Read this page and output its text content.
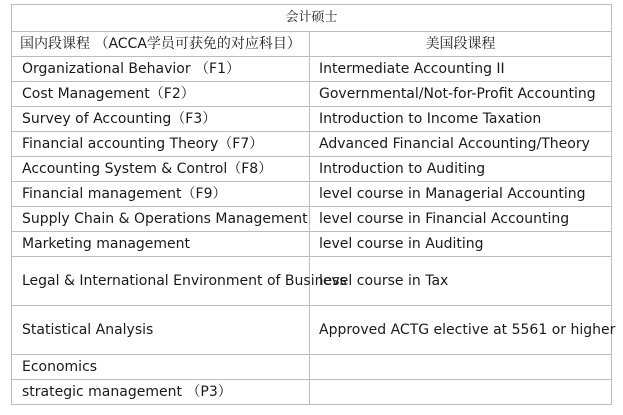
会计硕士	
国内段课程 （ACCA学员可获免的对应科目）	美国段课程
Organizational Behavior （F1）	Intermediate Accounting II
Cost Management（F2）	Governmental/Not-for-Profit Accounting
Survey of Accounting（F3）	Introduction to Income Taxation
Financial accounting Theory（F7）	Advanced Financial Accounting/Theory
Accounting System & Control（F8）	Introduction to Auditing
Financial management（F9）	level course in Managerial Accounting
Supply Chain & Operations Management	level course in Financial Accounting
Marketing management	level course in Auditing
Legal & International Environment of Business	level course in Tax
Statistical Analysis	Approved ACTG elective at 5561 or higher
Economics	
strategic management （P3）	
